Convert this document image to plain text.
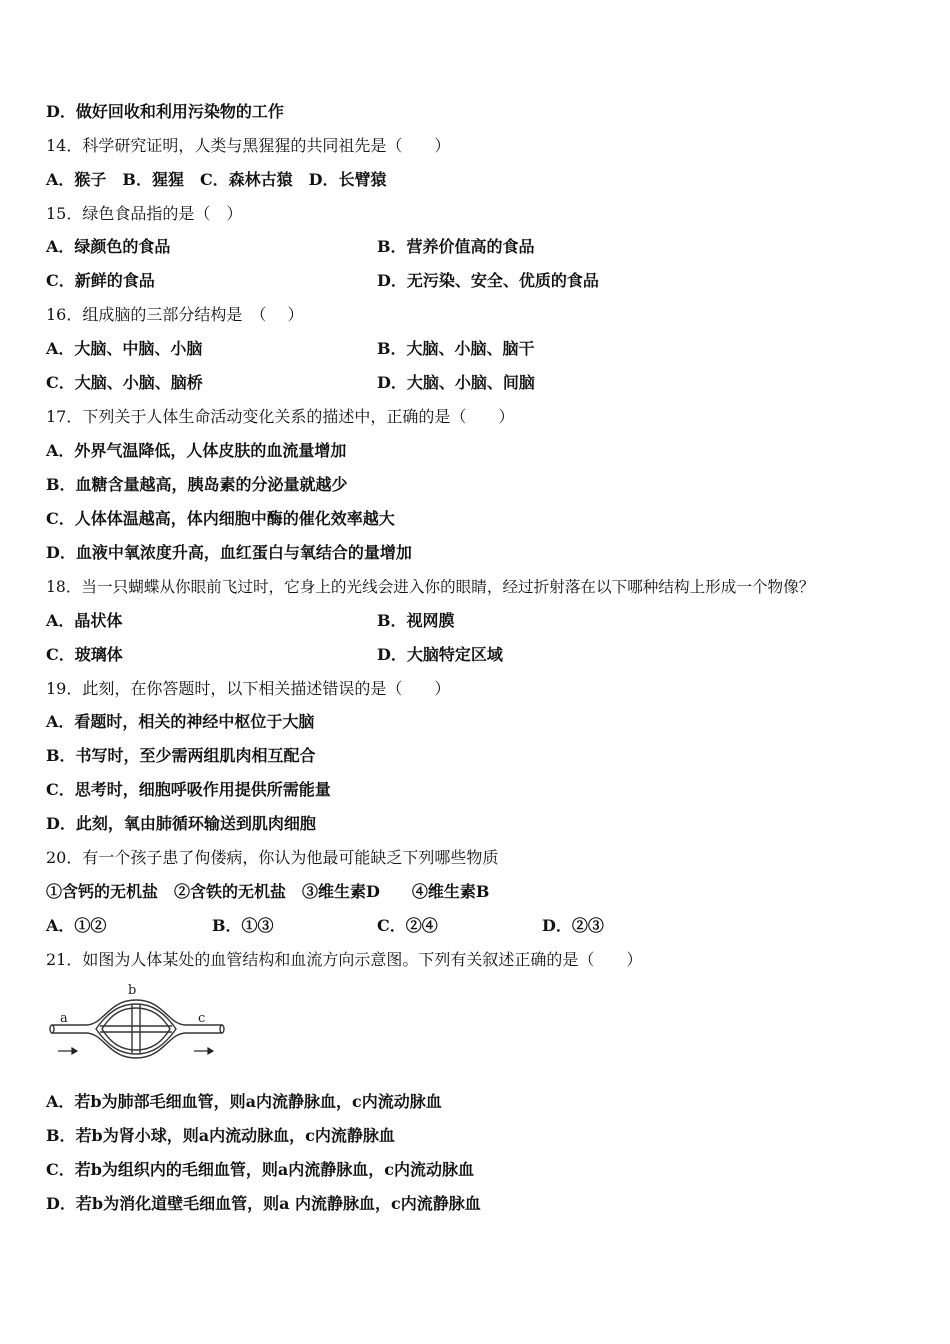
D．做好回收和利用污染物的工作
14．科学研究证明，人类与黑猩猩的共同祖先是（　　）
A．猴子　B．猩猩　C．森林古猿　D．长臂猿
15．绿色食品指的是（　）
A．绿颜色的食品	B．营养价值高的食品
C．新鲜的食品	D．无污染、安全、优质的食品
16．组成脑的三部分结构是　（　 ）
A．大脑、中脑、小脑	B．大脑、小脑、脑干
C．大脑、小脑、脑桥	D．大脑、小脑、间脑
17．下列关于人体生命活动变化关系的描述中，正确的是（　　）
A．外界气温降低，人体皮肤的血流量增加
B．血糖含量越高，胰岛素的分泌量就越少
C．人体体温越高，体内细胞中酶的催化效率越大
D．血液中氧浓度升高，血红蛋白与氧结合的量增加
18．当一只蝴蝶从你眼前飞过时，它身上的光线会进入你的眼睛，经过折射落在以下哪种结构上形成一个物像？
A．晶状体	B．视网膜
C．玻璃体	D．大脑特定区域
19．此刻，在你答题时，以下相关描述错误的是（　　）
A．看题时，相关的神经中枢位于大脑
B．书写时，至少需两组肌肉相互配合
C．思考时，细胞呼吸作用提供所需能量
D．此刻，氧由肺循环输送到肌肉细胞
20．有一个孩子患了佝偻病，你认为他最可能缺乏下列哪些物质
①含钙的无机盐　②含铁的无机盐　③维生素D　　④维生素B
A．①②	B．①③	C．②④	D．②③
21．如图为人体某处的血管结构和血流方向示意图。下列有关叙述正确的是（　　）
a
b
c
A．若b为肺部毛细血管，则a内流静脉血，c内流动脉血
B．若b为肾小球，则a内流动脉血，c内流静脉血
C．若b为组织内的毛细血管，则a内流静脉血，c内流动脉血
D．若b为消化道壁毛细血管，则a 内流静脉血，c内流静脉血
